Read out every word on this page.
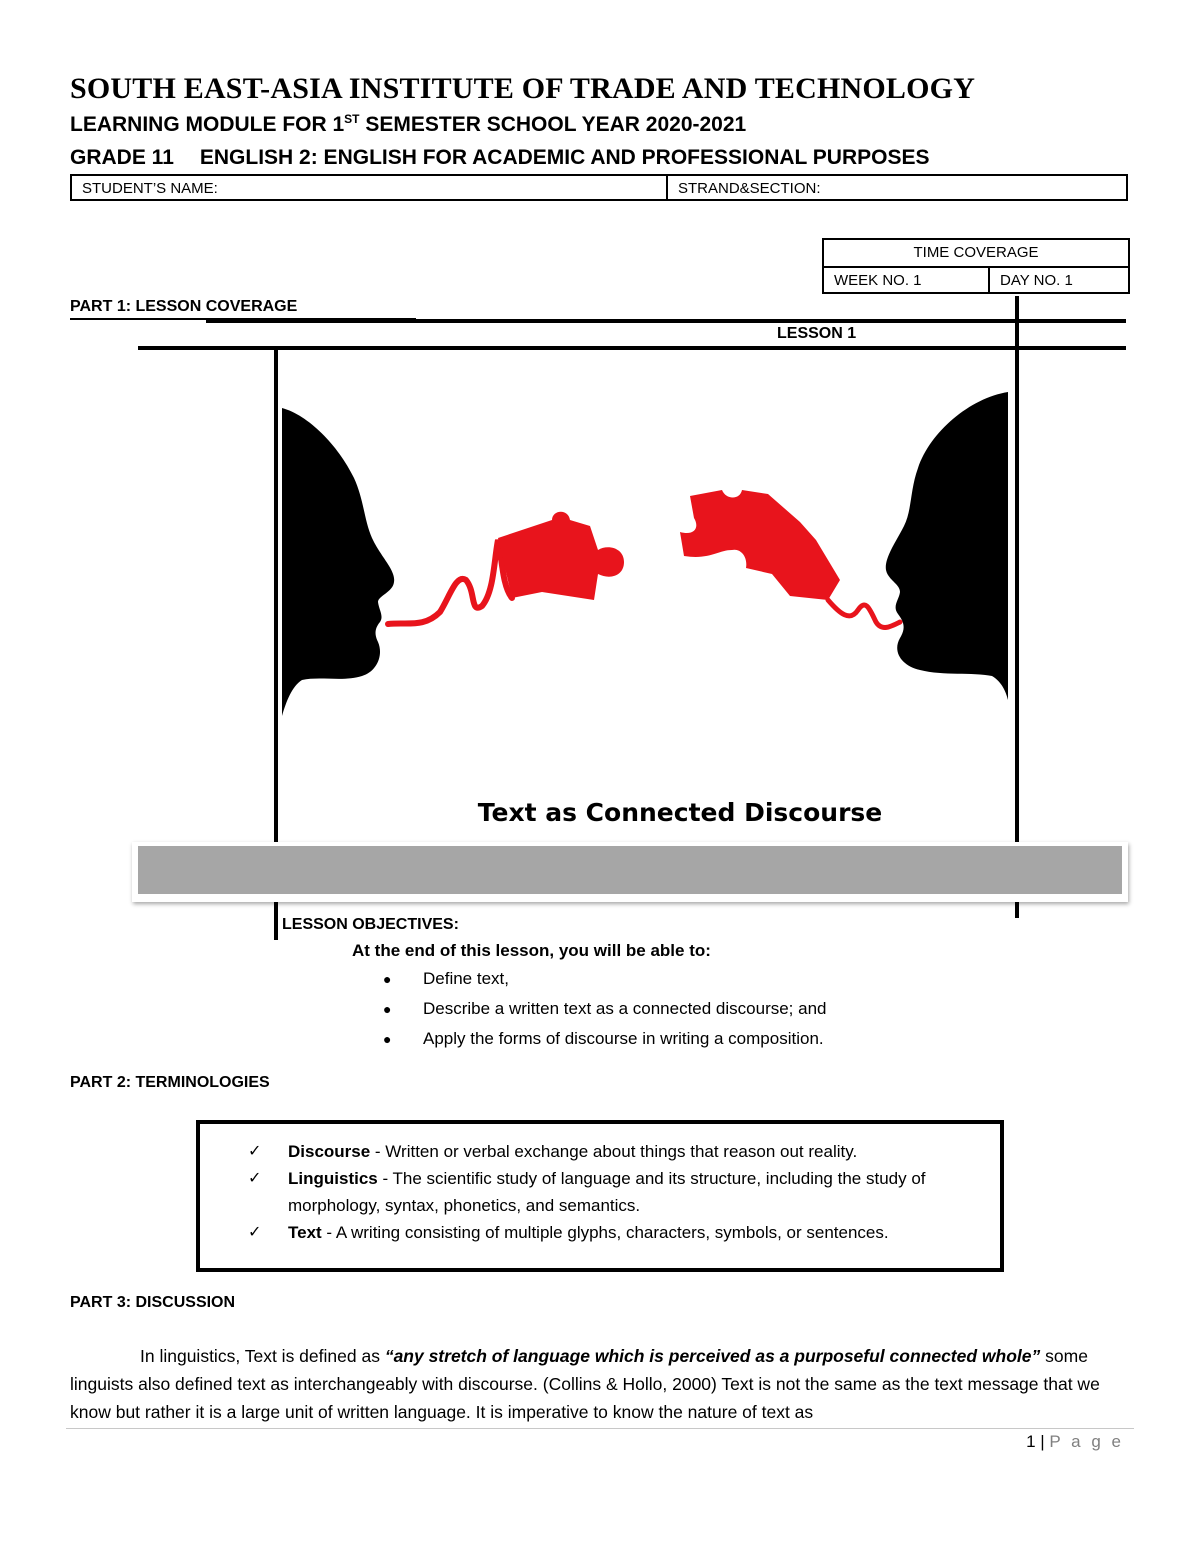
SOUTH EAST-ASIA INSTITUTE OF TRADE AND TECHNOLOGY
LEARNING MODULE FOR 1ST SEMESTER SCHOOL YEAR 2020-2021
GRADE 11 ENGLISH 2: ENGLISH FOR ACADEMIC AND PROFESSIONAL PURPOSES
STUDENT’S NAME:	STRAND&SECTION:
TIME COVERAGE
WEEK NO. 1	DAY NO. 1
PART 1: LESSON COVERAGE
LESSON 1
Text as Connected Discourse
LESSON OBJECTIVES:
At the end of this lesson, you will be able to:
●	Define text,
●	Describe a written text as a connected discourse; and
●	Apply the forms of discourse in writing a composition.
PART 2: TERMINOLOGIES
✓	Discourse - Written or verbal exchange about things that reason out reality.
✓	Linguistics - The scientific study of language and its structure, including the study of morphology, syntax, phonetics, and semantics.
✓	Text - A writing consisting of multiple glyphs, characters, symbols, or sentences.
PART 3: DISCUSSION

In linguistics, Text is defined as “any stretch of language which is perceived as a purposeful connected whole” some linguists also defined text as interchangeably with discourse. (Collins & Hollo, 2000) Text is not the same as the text message that we know but rather it is a large unit of written language. It is imperative to know the nature of text as

1 | P a g e
